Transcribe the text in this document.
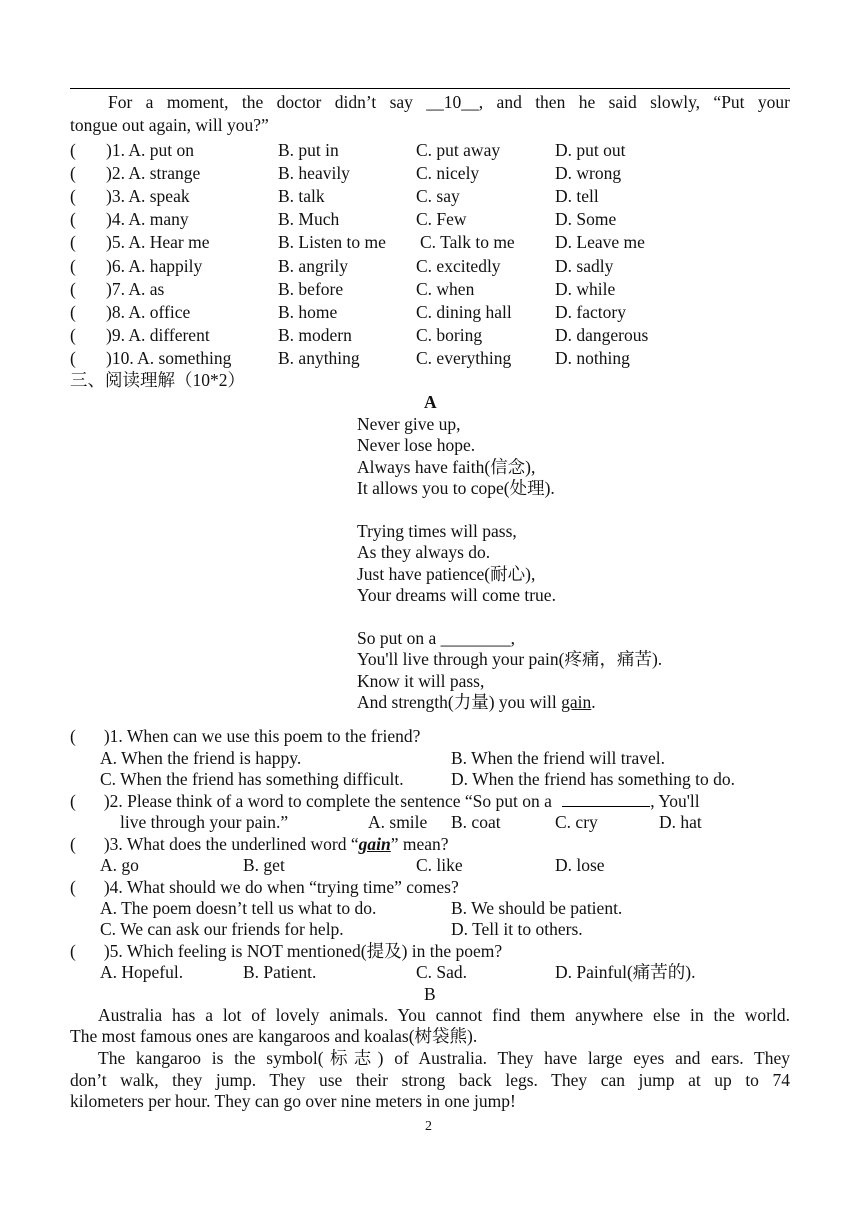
For a moment, the doctor didn’t say __10__, and then he said slowly, “Put your
tongue out again, will you?”
( )1. A. put on	B. put in	C. put away	D. put out
( )2. A. strange	B. heavily	C. nicely	D. wrong
( )3. A. speak	B. talk	C. say	D. tell
( )4. A. many	B. Much	C. Few	D. Some
( )5. A. Hear me	B. Listen to me C. Talk to me D. Leave me
( )6. A. happily	B. angrily	C. excitedly	D. sadly
( )7. A. as	B. before	C. when	D. while
( )8. A. office	B. home	C. dining hall D. factory
( )9. A. different	B. modern	C. boring	D. dangerous
( )10. A. something	B. anything	C. everything D. nothing
三、阅读理解（10*2）
A
Never give up,
Never lose hope.
Always have faith(信念),
It allows you to cope(处理).
Trying times will pass,
As they always do.
Just have patience(耐心),
Your dreams will come true.
So put on a ________,
You'll live through your pain(疼痛，痛苦).
Know it will pass,
And strength(力量) you will gain.
( )1. When can we use this poem to the friend?
A. When the friend is happy.	B. When the friend will travel.
C. When the friend has something difficult.	D. When the friend has something to do.
( )2. Please think of a word to complete the sentence “So put on a	, You'll
live through your pain.”	A. smile B. coat	C. cry	D. hat
( )3. What does the underlined word “gain” mean?
A. go	B. get	C. like	D. lose
( )4. What should we do when “trying time” comes?
A. The poem doesn’t tell us what to do.	B. We should be patient.
C. We can ask our friends for help.	D. Tell it to others.
( )5. Which feeling is NOT mentioned(提及) in the poem?
A. Hopeful.	B. Patient.	C. Sad.	D. Painful(痛苦的).
B
Australia has a lot of lovely animals. You cannot find them anywhere else in the world.
The most famous ones are kangaroos and koalas(树袋熊).
The kangaroo is the symbol(标志) of Australia. They have large eyes and ears. They
don’t walk, they jump. They use their strong back legs. They can jump at up to 74
kilometers per hour. They can go over nine meters in one jump!
2
